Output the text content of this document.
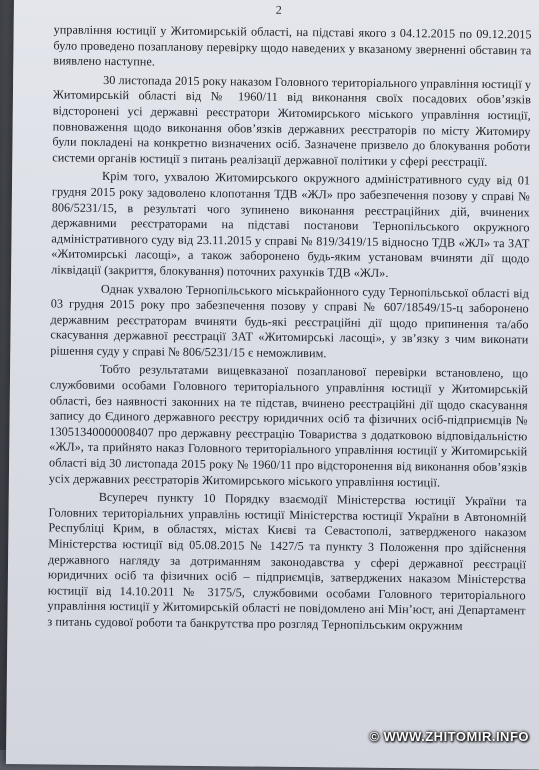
2

управління юстиції у Житомирській області, на підставі якого з 04.12.2015 по 09.12.2015 було проведено позапланову перевірку щодо наведених у вказаному зверненні обставин та виявлено наступне.

30 листопада 2015 року наказом Головного територіального управління юстиції у Житомирській області від № 1960/11 від виконання своїх посадових обов’язків відсторонені усі державні реєстратори Житомирського міського управління юстиції, повноваження щодо виконання обов’язків державних реєстраторів по місту Житомиру були покладені на конкретно визначених осіб. Зазначене призвело до блокування роботи системи органів юстиції з питань реалізації державної політики у сфері реєстрації.

Крім того, ухвалою Житомирського окружного адміністративного суду від 01 грудня 2015 року задоволено клопотання ТДВ «ЖЛ» про забезпечення позову у справі № 806/5231/15, в результаті чого зупинено виконання реєстраційних дій, вчинених державними реєстраторами на підставі постанови Тернопільського окружного адміністративного суду від 23.11.2015 у справі № 819/3419/15 відносно ТДВ «ЖЛ» та ЗАТ «Житомирські ласощі», а також заборонено будь-яким установам вчиняти дії щодо ліквідації (закриття, блокування) поточних рахунків ТДВ «ЖЛ».

Однак ухвалою Тернопільського міськрайонного суду Тернопільської області від 03 грудня 2015 року про забезпечення позову у справі № 607/18549/15-ц заборонено державним реєстраторам вчиняти будь-які реєстраційні дії щодо припинення та/або скасування державної реєстрації ЗАТ «Житомирські ласощі», у зв’язку з чим виконати рішення суду у справі № 806/5231/15 є неможливим.

Тобто результатами вищевказаної позапланової перевірки встановлено, що службовими особами Головного територіального управління юстиції у Житомирській області, без наявності законних на те підстав, вчинено реєстраційні дії щодо скасування запису до Єдиного державного реєстру юридичних осіб та фізичних осіб-підприємців № 13051340000008407 про державну реєстрацію Товариства з додатковою відповідальністю «ЖЛ», та прийнято наказ Головного територіального управління юстиції у Житомирській області від 30 листопада 2015 року № 1960/11 про відсторонення від виконання обов’язків усіх державних реєстраторів Житомирського міського управління юстиції.

Всупереч пункту 10 Порядку взаємодії Міністерства юстиції України та Головних територіальних управлінь юстиції Міністерства юстиції України в Автономній Республіці Крим, в областях, містах Києві та Севастополі, затвердженого наказом Міністерства юстиції від 05.08.2015 № 1427/5 та пункту 3 Положення про здійснення державного нагляду за дотриманням законодавства у сфері державної реєстрації юридичних осіб та фізичних осіб – підприємців, затверджених наказом Міністерства юстиції від 14.10.2011 № 3175/5, службовими особами Головного територіального управління юстиції у Житомирській області не повідомлено ані Мін’юст, ані Департамент з питань судової роботи та банкрутства про розгляд Тернопільським окружним

© WWW.ZHITOMIR.INFO
